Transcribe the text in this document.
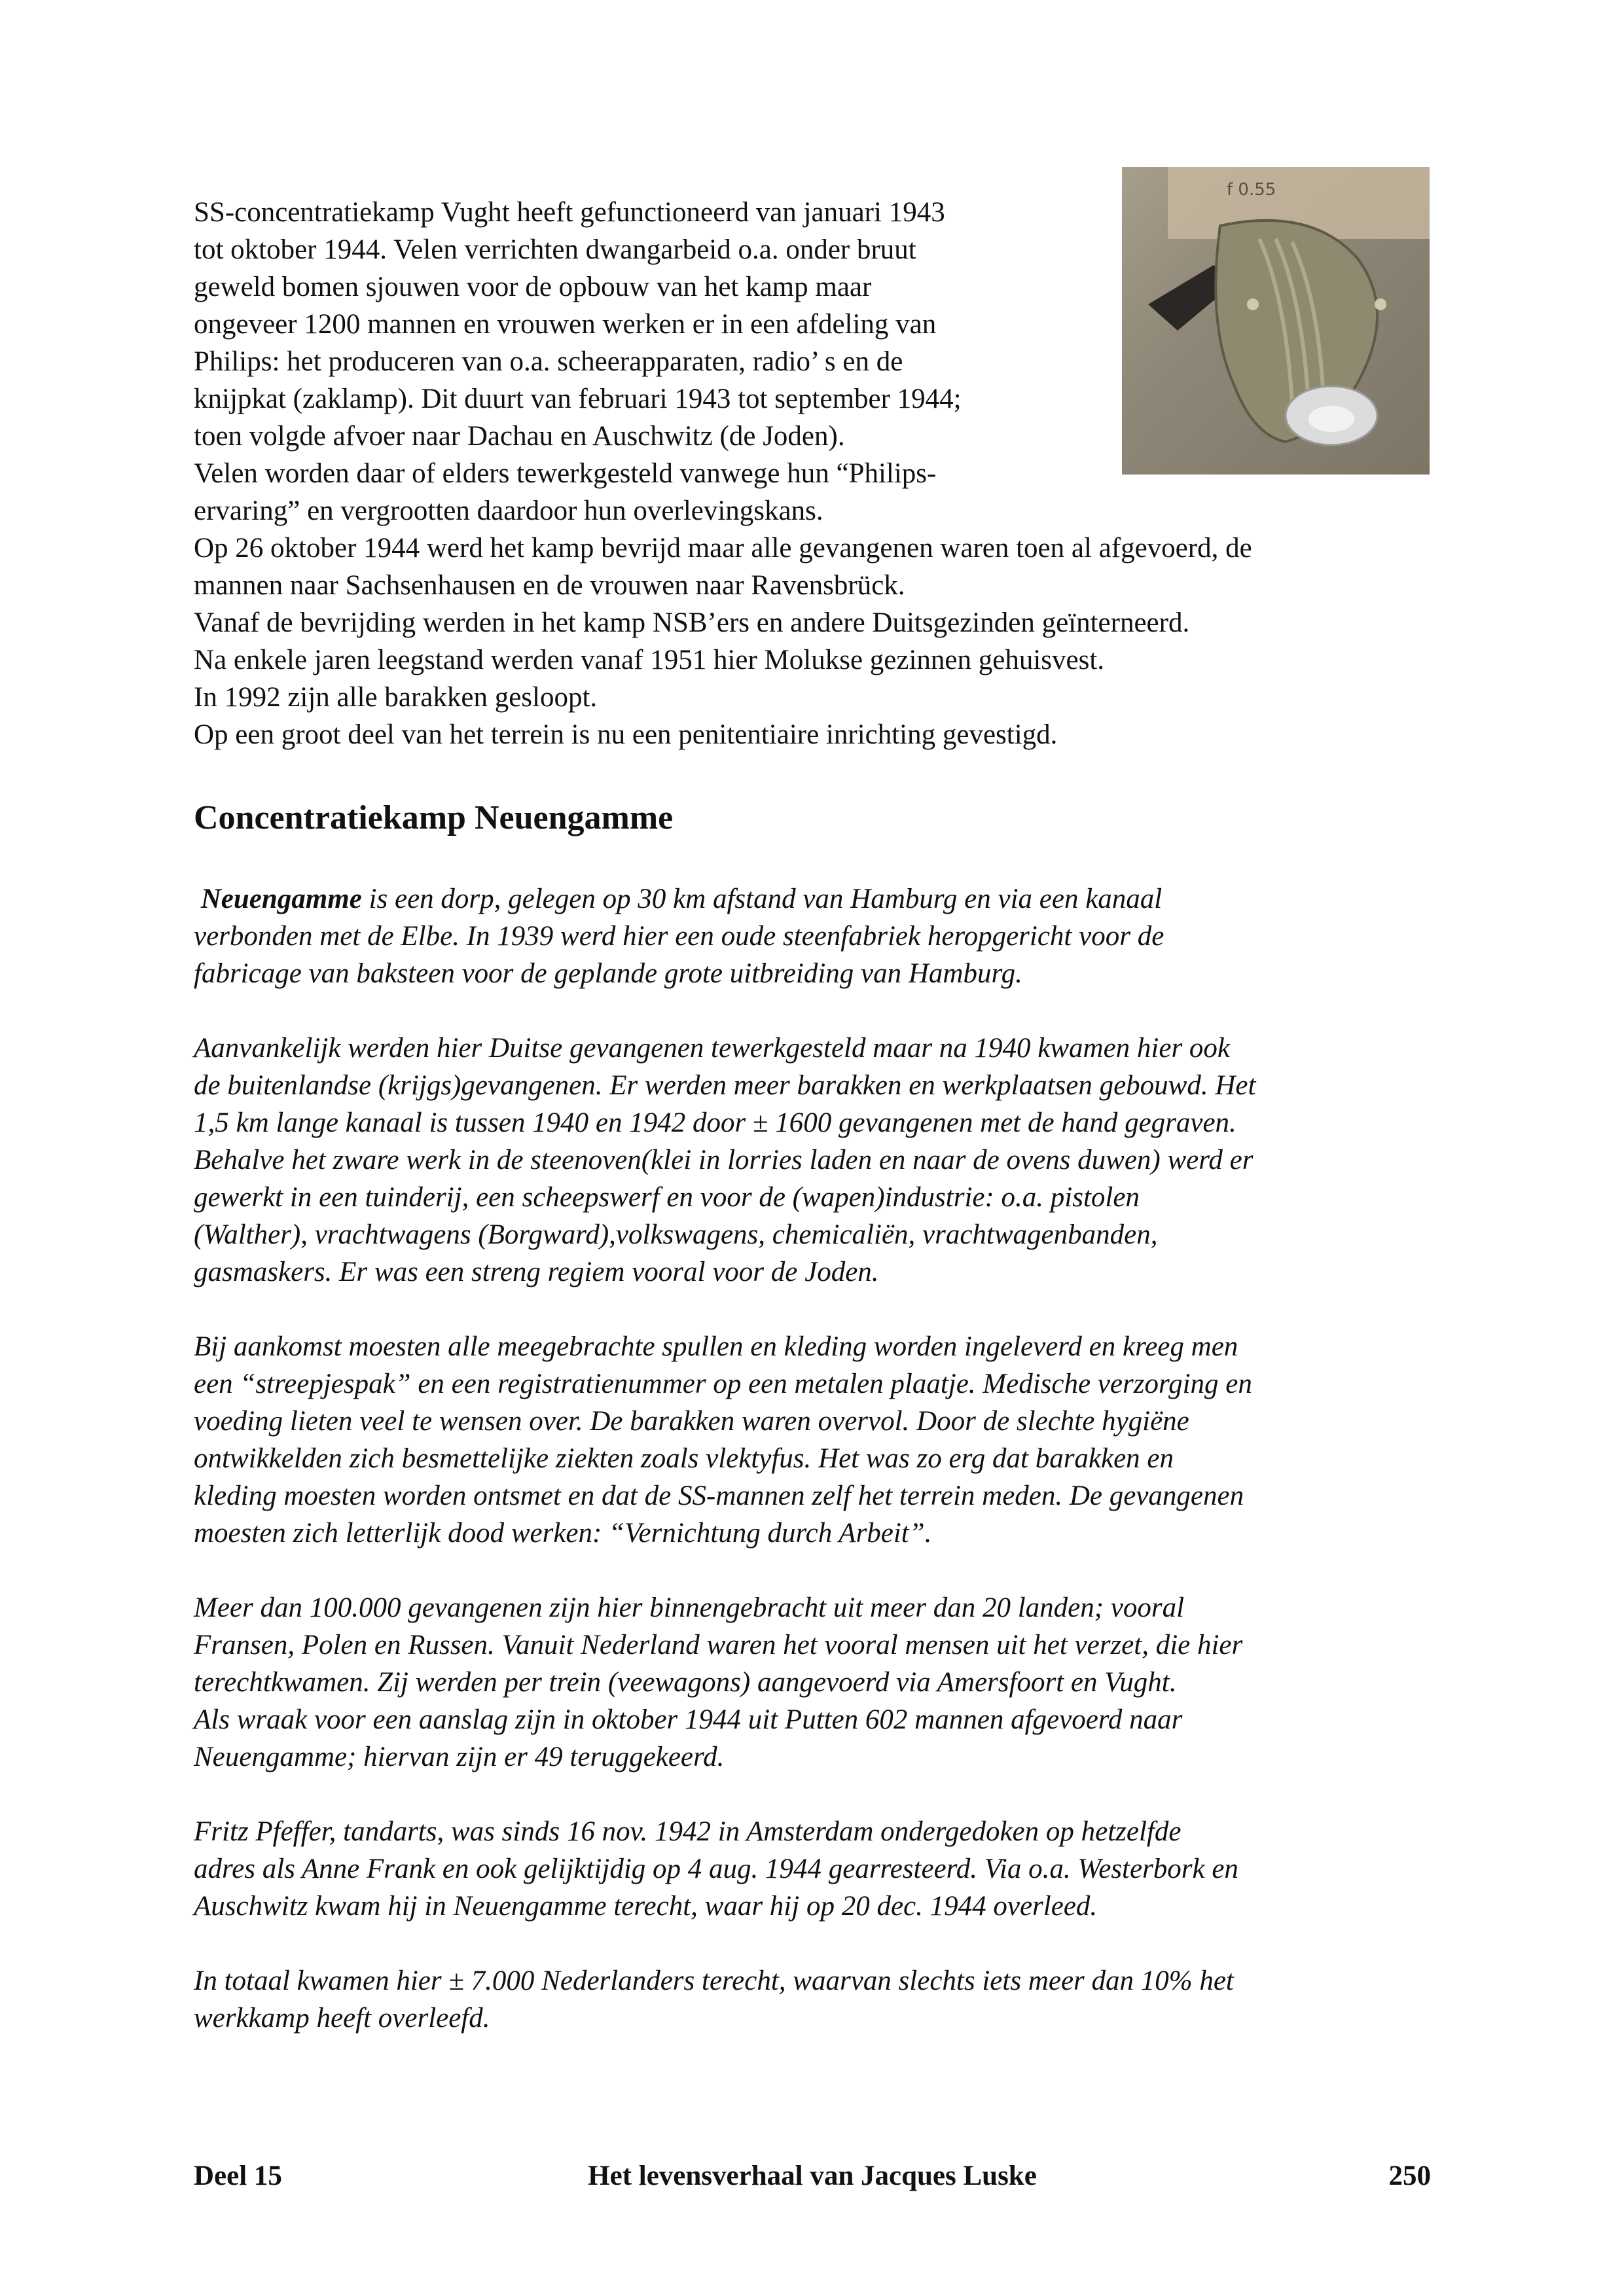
f 0.55
SS-concentratiekamp Vught heeft gefunctioneerd van januari 1943
tot oktober 1944. Velen verrichten dwangarbeid o.a. onder bruut
geweld bomen sjouwen voor de opbouw van het kamp maar
ongeveer 1200 mannen en vrouwen werken er in een afdeling van
Philips: het produceren van o.a. scheerapparaten, radio’ s en de
knijpkat (zaklamp). Dit duurt van februari 1943 tot september 1944;
toen volgde afvoer naar Dachau en Auschwitz (de Joden).
Velen worden daar of elders tewerkgesteld vanwege hun “Philips-
ervaring” en vergrootten daardoor hun overlevingskans.
Op 26 oktober 1944 werd het kamp bevrijd maar alle gevangenen waren toen al afgevoerd, de
mannen naar Sachsenhausen en de vrouwen naar Ravensbrück.
Vanaf de bevrijding werden in het kamp NSB’ers en andere Duitsgezinden geïnterneerd.
Na enkele jaren leegstand werden vanaf 1951 hier Molukse gezinnen gehuisvest.
In 1992 zijn alle barakken gesloopt.
Op een groot deel van het terrein is nu een penitentiaire inrichting gevestigd.
Concentratiekamp Neuengamme
Neuengamme is een dorp, gelegen op 30 km afstand van Hamburg en via een kanaal
verbonden met de Elbe. In 1939 werd hier een oude steenfabriek heropgericht voor de
fabricage van baksteen voor de geplande grote uitbreiding van Hamburg.
Aanvankelijk werden hier Duitse gevangenen tewerkgesteld maar na 1940 kwamen hier ook
de buitenlandse (krijgs)gevangenen. Er werden meer barakken en werkplaatsen gebouwd. Het
1,5 km lange kanaal is tussen 1940 en 1942 door ± 1600 gevangenen met de hand gegraven.
Behalve het zware werk in de steenoven(klei in lorries laden en naar de ovens duwen) werd er
gewerkt in een tuinderij, een scheepswerf en voor de (wapen)industrie: o.a. pistolen
(Walther), vrachtwagens (Borgward),volkswagens, chemicaliën, vrachtwagenbanden,
gasmaskers. Er was een streng regiem vooral voor de Joden.
Bij aankomst moesten alle meegebrachte spullen en kleding worden ingeleverd en kreeg men
een “streepjespak” en een registratienummer op een metalen plaatje. Medische verzorging en
voeding lieten veel te wensen over. De barakken waren overvol. Door de slechte hygiëne
ontwikkelden zich besmettelijke ziekten zoals vlektyfus. Het was zo erg dat barakken en
kleding moesten worden ontsmet en dat de SS-mannen zelf het terrein meden. De gevangenen
moesten zich letterlijk dood werken: “Vernichtung durch Arbeit”.
Meer dan 100.000 gevangenen zijn hier binnengebracht uit meer dan 20 landen; vooral
Fransen, Polen en Russen. Vanuit Nederland waren het vooral mensen uit het verzet, die hier
terechtkwamen. Zij werden per trein (veewagons) aangevoerd via Amersfoort en Vught.
Als wraak voor een aanslag zijn in oktober 1944 uit Putten 602 mannen afgevoerd naar
Neuengamme; hiervan zijn er 49 teruggekeerd.
Fritz Pfeffer, tandarts, was sinds 16 nov. 1942 in Amsterdam ondergedoken op hetzelfde
adres als Anne Frank en ook gelijktijdig op 4 aug. 1944 gearresteerd. Via o.a. Westerbork en
Auschwitz kwam hij in Neuengamme terecht, waar hij op 20 dec. 1944 overleed.
In totaal kwamen hier ± 7.000 Nederlanders terecht, waarvan slechts iets meer dan 10% het
werkkamp heeft overleefd.
Deel 15	Het levensverhaal van Jacques Luske	250
